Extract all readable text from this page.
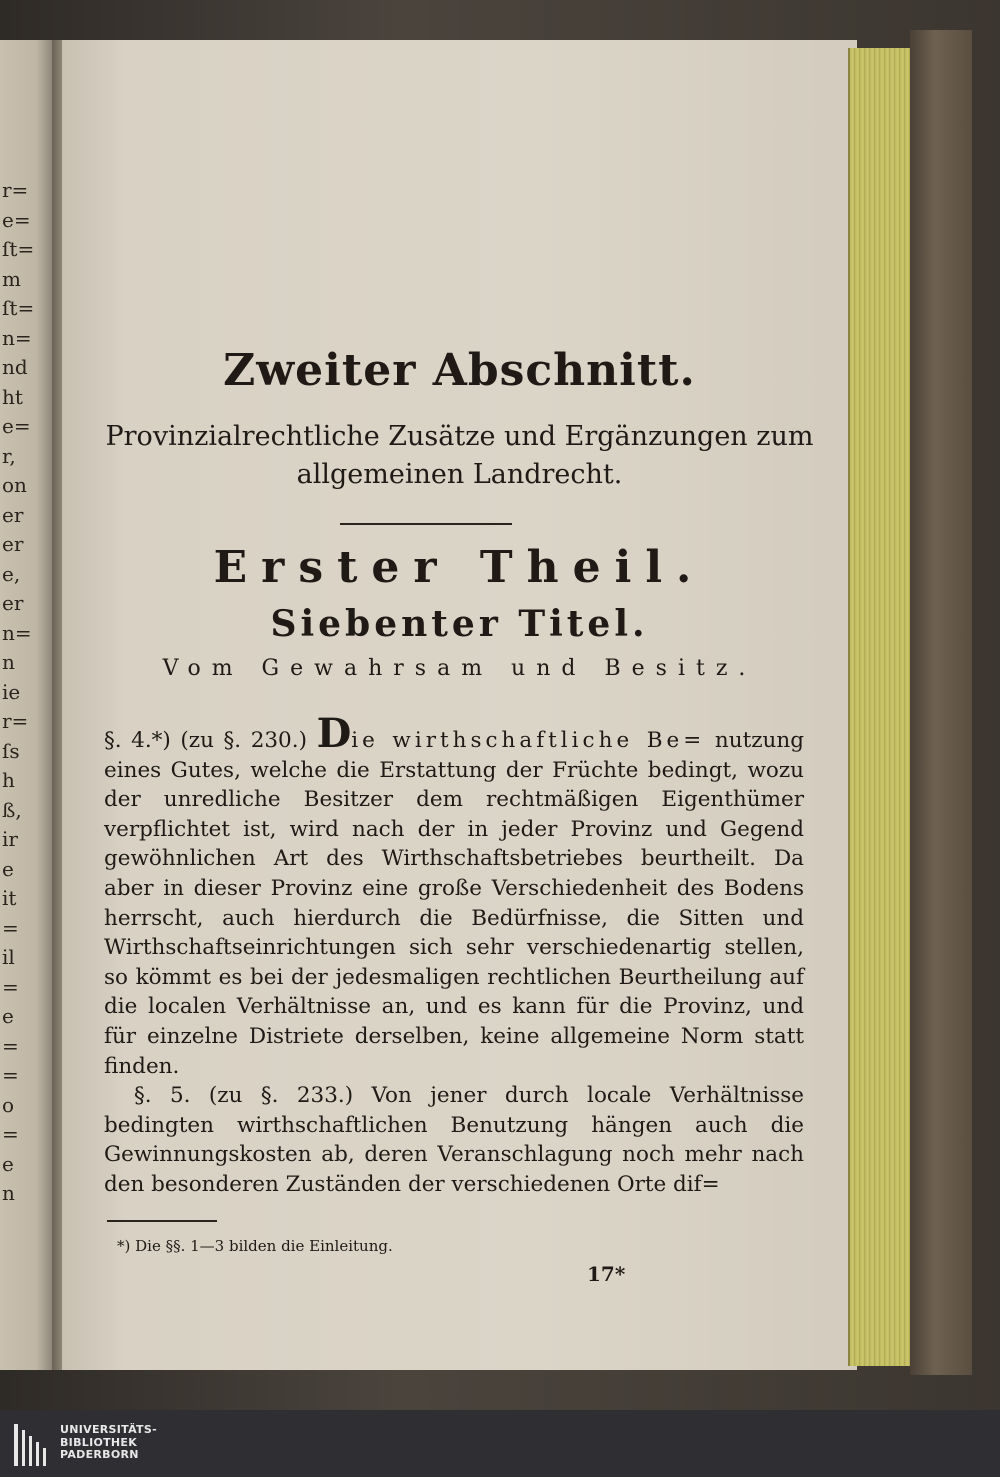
r=
e=
ſt=
m
ſt=
n=
nd
ht
e=
r,
on
er
er
e,
er
n=
n
ie
r=
ſs
h
ß,
ir
e
it
=
il
=
e
=
=
o
=
e
n
Zweiter Abschnitt.
Provinzialrechtliche Zusätze und Ergänzungen zum
allgemeinen Landrecht.
Erster Theil.
Siebenter Titel.
Vom Gewahrsam und Besitz.

§. 4.*) (zu §. 230.) Die wirthschaftliche Be= nutzung eines Gutes, welche die Erstattung der Früchte bedingt, wozu der unredliche Besitzer dem rechtmäßigen Eigenthümer verpflichtet ist, wird nach der in jeder Provinz und Gegend gewöhnlichen Art des Wirthschaftsbetriebes beurtheilt. Da aber in dieser Provinz eine große Verschiedenheit des Bodens herrscht, auch hierdurch die Bedürfnisse, die Sitten und Wirthschaftseinrichtungen sich sehr verschiedenartig stellen, so kömmt es bei der jedesmaligen rechtlichen Beurtheilung auf die localen Verhältnisse an, und es kann für die Provinz, und für einzelne Distriete derselben, keine allgemeine Norm statt finden.

§. 5. (zu §. 233.) Von jener durch locale Verhältnisse bedingten wirthschaftlichen Benutzung hängen auch die Gewinnungskosten ab, deren Veranschlagung noch mehr nach den besonderen Zuständen der verschiedenen Orte dif=

*) Die §§. 1—3 bilden die Einleitung.
17*
UNIVERSITÄTS-
BIBLIOTHEK
PADERBORN
